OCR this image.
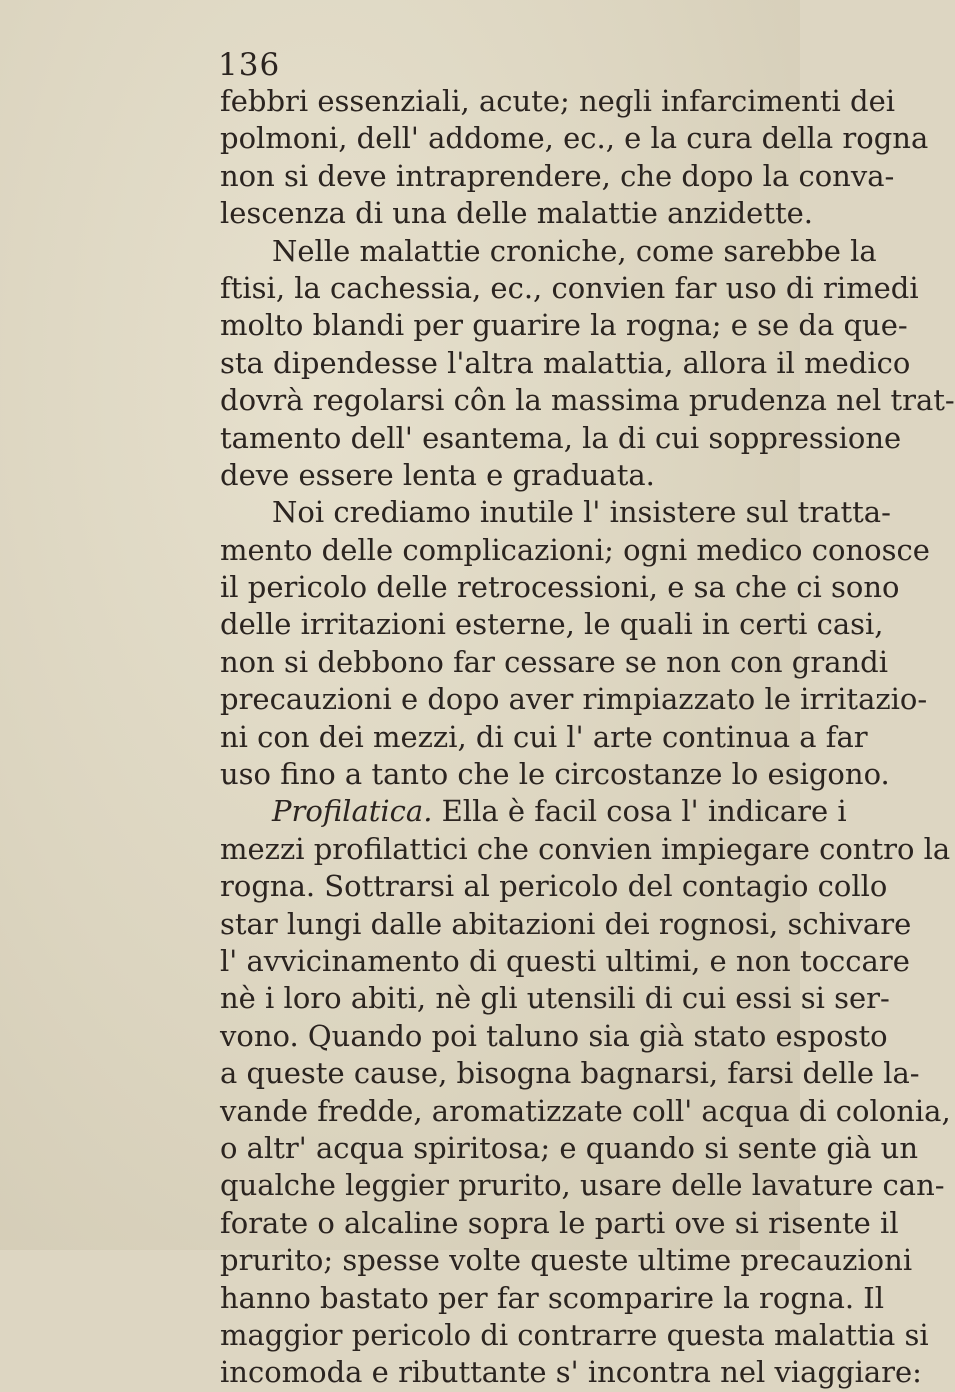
136
febbri essenziali, acute; negli infarcimenti dei
polmoni, dell' addome, ec., e la cura della rogna
non si deve intraprendere, che dopo la conva-
lescenza di una delle malattie anzidette.
Nelle malattie croniche, come sarebbe la
ftisi, la cachessia, ec., convien far uso di rimedi
molto blandi per guarire la rogna; e se da que-
sta dipendesse l'altra malattia, allora il medico
dovrà regolarsi côn la massima prudenza nel trat-
tamento dell' esantema, la di cui soppressione
deve essere lenta e graduata.
Noi crediamo inutile l' insistere sul tratta-
mento delle complicazioni; ogni medico conosce
il pericolo delle retrocessioni, e sa che ci sono
delle irritazioni esterne, le quali in certi casi,
non si debbono far cessare se non con grandi
precauzioni e dopo aver rimpiazzato le irritazio-
ni con dei mezzi, di cui l' arte continua a far
uso fino a tanto che le circostanze lo esigono.
Profilatica. Ella è facil cosa l' indicare i
mezzi profilattici che convien impiegare contro la
rogna. Sottrarsi al pericolo del contagio collo
star lungi dalle abitazioni dei rognosi, schivare
l' avvicinamento di questi ultimi, e non toccare
nè i loro abiti, nè gli utensili di cui essi si ser-
vono. Quando poi taluno sia già stato esposto
a queste cause, bisogna bagnarsi, farsi delle la-
vande fredde, aromatizzate coll' acqua di colonia,
o altr' acqua spiritosa; e quando si sente già un
qualche leggier prurito, usare delle lavature can-
forate o alcaline sopra le parti ove si risente il
prurito; spesse volte queste ultime precauzioni
hanno bastato per far scomparire la rogna. Il
maggior pericolo di contrarre questa malattia si
incomoda e ributtante s' incontra nel viaggiare:
